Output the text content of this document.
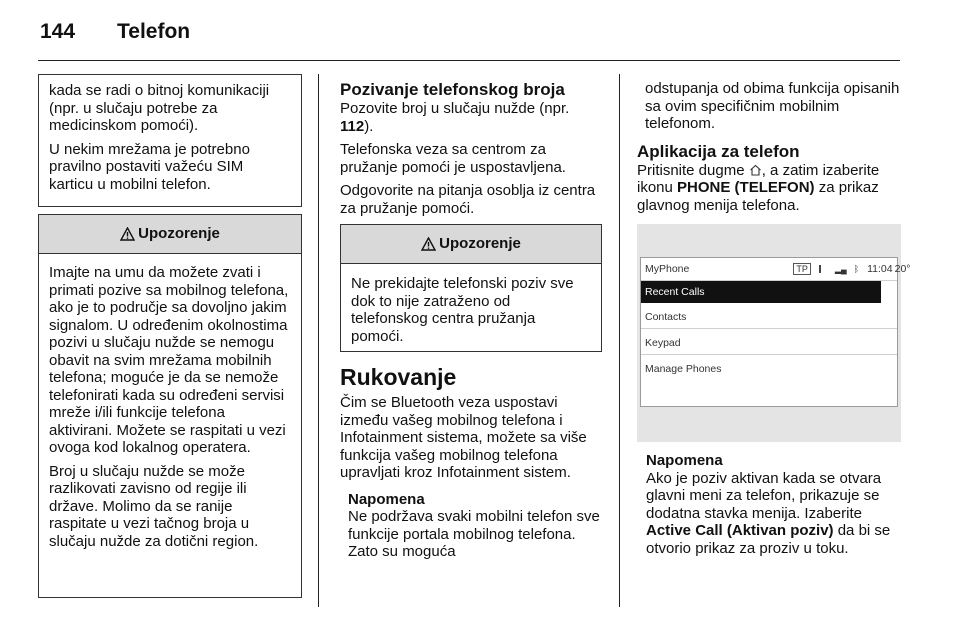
144 Telefon

kada se radi o bitnoj komunikaciji (npr. u slučaju potrebe za medicinskom pomoći).

U nekim mrežama je potrebno pravilno postaviti važeću SIM karticu u mobilni telefon.

Upozorenje

Imajte na umu da možete zvati i primati pozive sa mobilnog telefona, ako je to područje sa dovoljno jakim signalom. U određenim okolnostima pozivi u slučaju nužde se nemogu obavit na svim mrežama mobilnih telefona; moguće je da se nemože telefonirati kada su određeni servisi mreže i/ili funkcije telefona aktivirani. Možete se raspitati u vezi ovoga kod lokalnog operatera.

Broj u slučaju nužde se može razlikovati zavisno od regije ili države. Molimo da se ranije raspitate u vezi tačnog broja u slučaju nužde za dotični region.

Pozivanje telefonskog broja

Pozovite broj u slučaju nužde (npr. 112).

Telefonska veza sa centrom za pružanje pomoći je uspostavljena.

Odgovorite na pitanja osoblja iz centra za pružanje pomoći.

Upozorenje

Ne prekidajte telefonski poziv sve dok to nije zatraženo od telefonskog centra pružanja pomoći.

Rukovanje

Čim se Bluetooth veza uspostavi između vašeg mobilnog telefona i Infotainment sistema, možete sa više funkcija vašeg mobilnog telefona upravljati kroz Infotainment sistem.

Napomena

Ne podržava svaki mobilni telefon sve funkcije portala mobilnog telefona. Zato su moguća

odstupanja od obima funkcija opisanih sa ovim specifičnim mobilnim telefonom.

Aplikacija za telefon

Pritisnite dugme , a zatim izaberite ikonu PHONE (TELEFON) za prikaz glavnog menija telefona.

MyPhone	TP	▂▄ ᛒ 11:04 20°
Recent Calls
Contacts
Keypad
Manage Phones

Napomena

Ako je poziv aktivan kada se otvara glavni meni za telefon, prikazuje se dodatna stavka menija. Izaberite Active Call (Aktivan poziv) da bi se otvorio prikaz za proziv u toku.
